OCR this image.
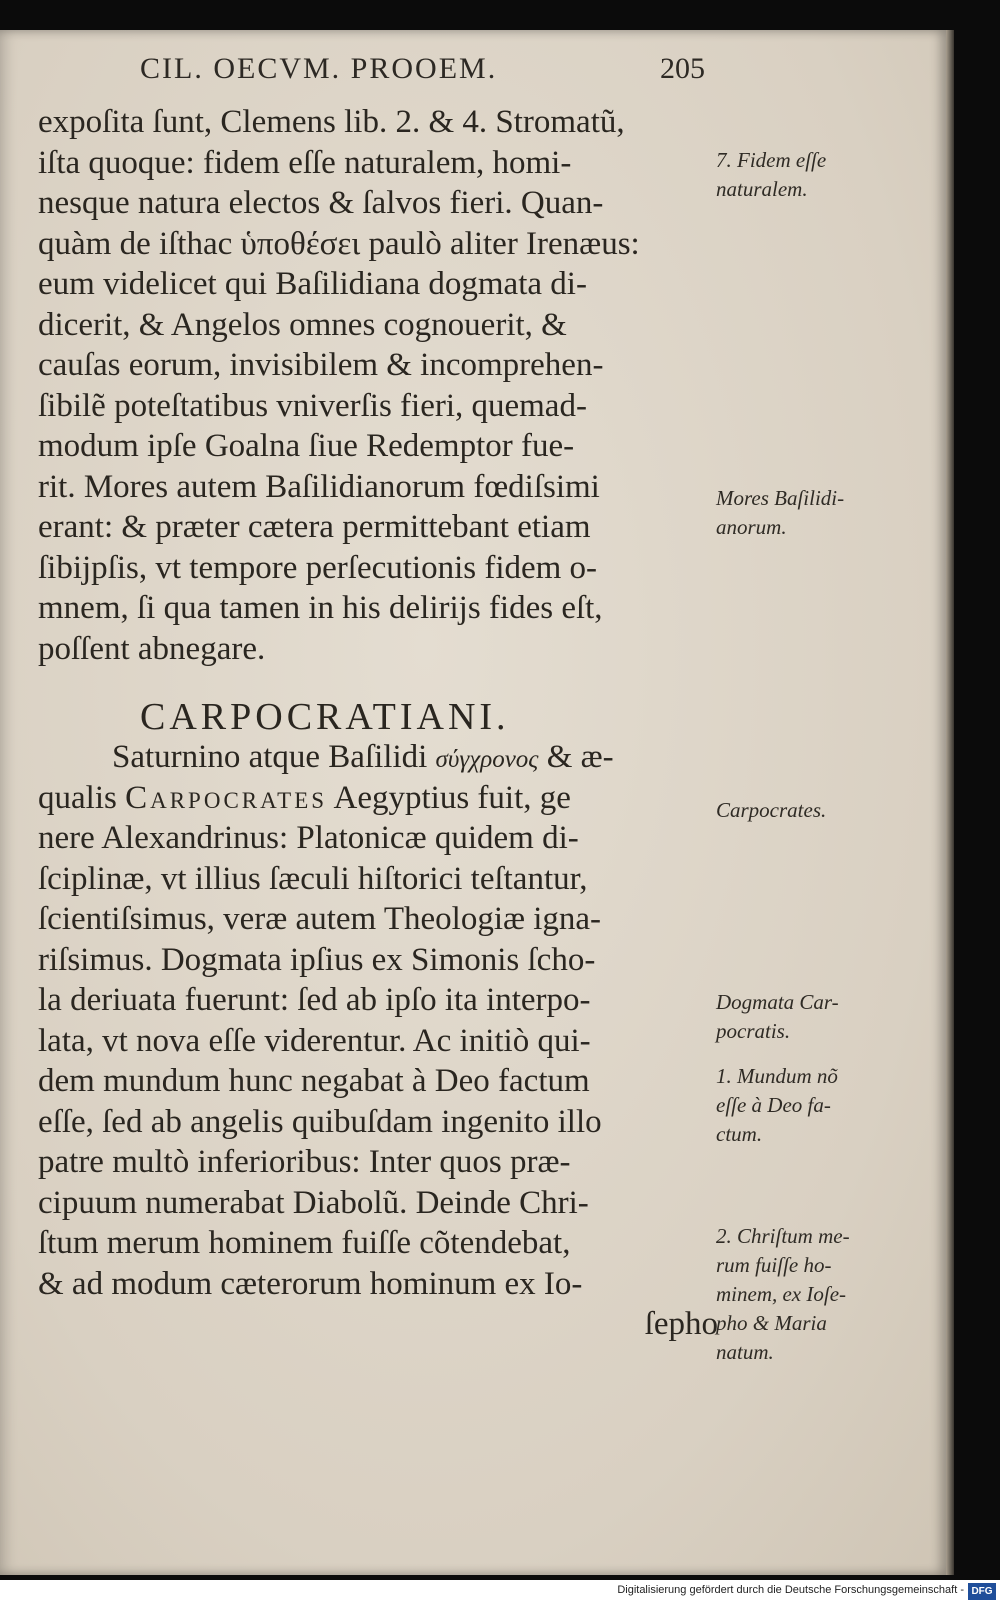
CIL. OECVM. PROOEM.	205
expoſita ſunt, Clemens lib. 2. & 4. Stromatũ,
iſta quoque: fidem eſſe naturalem, homi-
nesque natura electos & ſalvos fieri. Quan-
quàm de iſthac ὑποθέσει paulò aliter Irenæus:
eum videlicet qui Baſilidiana dogmata di-
dicerit, & Angelos omnes cognouerit, &
cauſas eorum, invisibilem & incomprehen-
ſibilẽ poteſtatibus vniverſis fieri, quemad-
modum ipſe Goalna ſiue Redemptor fue-
rit. Mores autem Baſilidianorum fœdiſsimi
erant: & præter cætera permittebant etiam
ſibijpſis, vt tempore perſecutionis fidem o-
mnem, ſi qua tamen in his delirijs fides eſt,
poſſent abnegare.
CARPOCRATIANI.
Saturnino atque Baſilidi σύγχρονος & æ-
qualis Carpocrates Aegyptius fuit, ge
nere Alexandrinus: Platonicæ quidem di-
ſciplinæ, vt illius ſæculi hiſtorici teſtantur,
ſcientiſsimus, veræ autem Theologiæ igna-
riſsimus. Dogmata ipſius ex Simonis ſcho-
la deriuata fuerunt: ſed ab ipſo ita interpo-
lata, vt nova eſſe viderentur. Ac initiò qui-
dem mundum hunc negabat à Deo factum
eſſe, ſed ab angelis quibuſdam ingenito illo
patre multò inferioribus: Inter quos præ-
cipuum numerabat Diabolũ. Deinde Chri-
ſtum merum hominem fuiſſe cõtendebat,
& ad modum cæterorum hominum ex Io-
ſepho
7. Fidem eſſe
naturalem.
Mores Baſilidi-
anorum.
Carpocrates.
Dogmata Car-
pocratis.
1. Mundum nõ
eſſe à Deo fa-
ctum.
2. Chriſtum me-
rum fuiſſe ho-
minem, ex Ioſe-
pho & Maria
natum.
Digitalisierung gefördert durch die Deutsche Forschungsgemeinschaft - DFG
